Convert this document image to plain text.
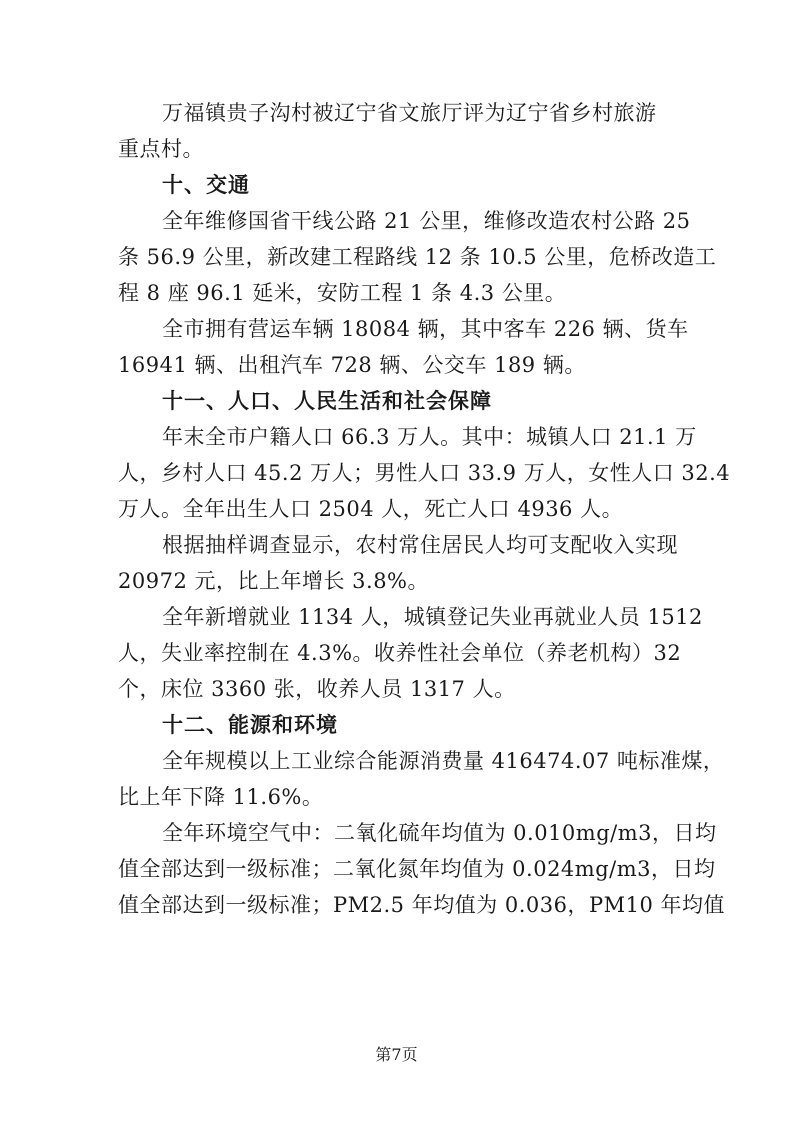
万福镇贵子沟村被辽宁省文旅厅评为辽宁省乡村旅游

重点村。

十、交通

全年维修国省干线公路 21 公里，维修改造农村公路 25

条 56.9 公里，新改建工程路线 12 条 10.5 公里，危桥改造工

程 8 座 96.1 延米，安防工程 1 条 4.3 公里。

全市拥有营运车辆 18084 辆，其中客车 226 辆、货车

16941 辆、出租汽车 728 辆、公交车 189 辆。

十一、人口、人民生活和社会保障

年末全市户籍人口 66.3 万人。其中：城镇人口 21.1 万

人，乡村人口 45.2 万人；男性人口 33.9 万人，女性人口 32.4

万人。全年出生人口 2504 人，死亡人口 4936 人。

根据抽样调查显示，农村常住居民人均可支配收入实现

20972 元，比上年增长 3.8%。

全年新增就业 1134 人，城镇登记失业再就业人员 1512

人，失业率控制在 4.3%。收养性社会单位（养老机构）32

个，床位 3360 张，收养人员 1317 人。

十二、能源和环境

全年规模以上工业综合能源消费量 416474.07 吨标准煤，

比上年下降 11.6%。

全年环境空气中：二氧化硫年均值为 0.010mg/m3，日均

值全部达到一级标准；二氧化氮年均值为 0.024mg/m3，日均

值全部达到一级标准；PM2.5 年均值为 0.036，PM10 年均值

第7页
